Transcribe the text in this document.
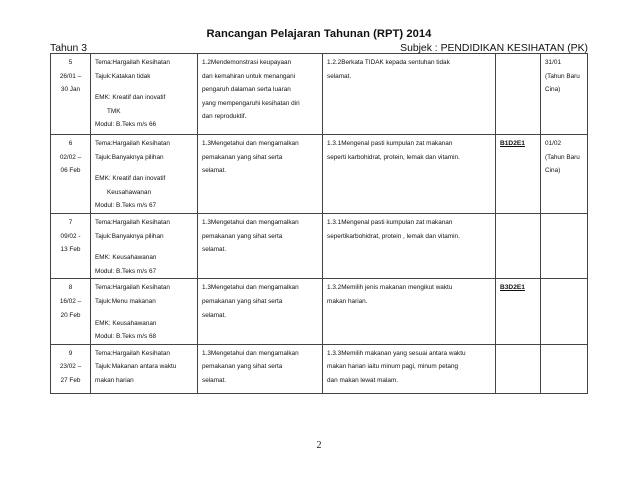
Rancangan Pelajaran Tahunan (RPT) 2014
Tahun 3	Subjek : PENDIDIKAN KESIHATAN (PK)
5
26/01 –
30 Jan	Tema:Hargailah Kesihatan
Tajuk:Katakan tidak
EMK: Kreatif dan inovatif
TMK
Modul: B.Teks m/s 66	1.2Mendemonstrasi keupayaan
dan kemahiran untuk menangani
pengaruh dalaman serta luaran
yang mempengaruhi kesihatan diri
dan reproduktif.	1.2.2Berkata TIDAK kepada sentuhan tidak
selamat.		31/01
(Tahun Baru
Cina)

6
02/02 –
06 Feb	Tema:Hargailah Kesihatan
Tajuk:Banyaknya pilihan
EMK: Kreatif dan inovatif
Keusahawanan
Modul: B.Teks m/s 67	1.3Mengetahui dan mengamalkan
pemakanan yang sihat serta
selamat.	1.3.1Mengenal pasti kumpulan zat makanan
seperti karbohidrat, protein, lemak dan vitamin.	B1D2E1	01/02
(Tahun Baru
Cina)

7
09/02 -
13 Feb	Tema:Hargailah Kesihatan
Tajuk:Banyaknya pilihan
EMK: Keusahawanan
Modul: B.Teks m/s 67	1.3Mengetahui dan mengamalkan
pemakanan yang sihat serta
selamat.	1.3.1Mengenal pasti kumpulan zat makanan
sepertikarbohidrat, protein , lemak dan vitamin.		

8
16/02 –
20 Feb	Tema:Hargailah Kesihatan
Tajuk:Menu makanan
EMK: Keusahawanan
Modul: B.Teks m/s 68	1.3Mengetahui dan mengamalkan
pemakanan yang sihat serta
selamat.	1.3.2Memilih jenis makanan mengikut waktu
makan harian.	B3D2E1	

9
23/02 –
27 Feb	Tema:Hargailah Kesihatan
Tajuk:Makanan antara waktu
makan harian	1.3Mengetahui dan mengamalkan
pemakanan yang sihat serta
selamat.	1.3.3Memilih makanan yang sesuai antara waktu
makan harian iaitu minum pagi, minum petang
dan makan lewat malam.		

2
